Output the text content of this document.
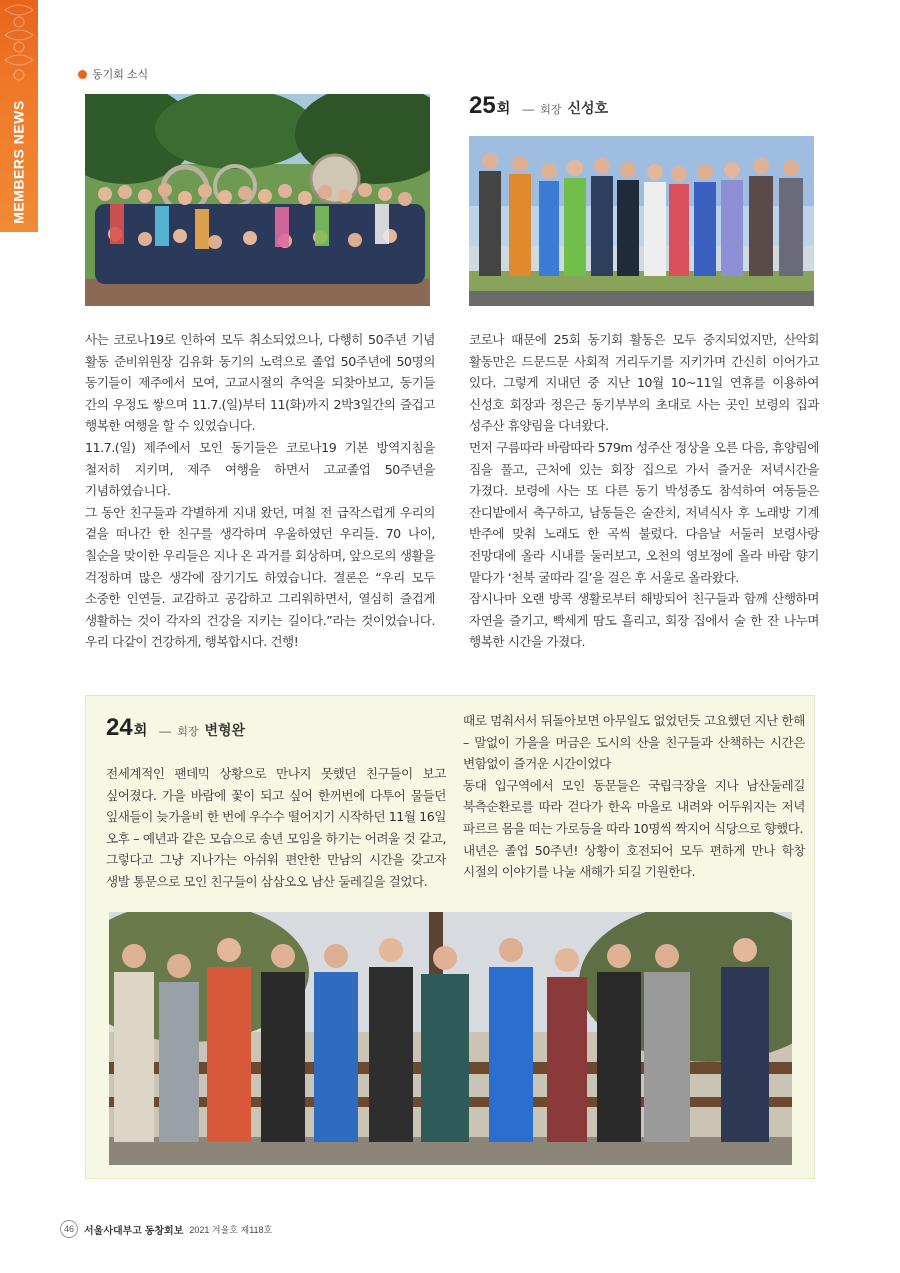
MEMBERS NEWS
동기회 소식
25 회 — 회장 신성호

사는 코로나19로 인하여 모두 취소되었으나, 다행히 50주년 기념 활동 준비위원장 김유화 동기의 노력으로 졸업 50주년에 50명의 동기들이 제주에서 모여, 고교시절의 추억을 되찾아보고, 동기들 간의 우정도 쌓으며 11.7.(일)부터 11(화)까지 2박3일간의 즐겁고 행복한 여행을 할 수 있었습니다.

11.7.(일) 제주에서 모인 동기들은 코로나19 기본 방역지침을 철저히 지키며, 제주 여행을 하면서 고교졸업 50주년을 기념하였습니다.

그 동안 친구들과 각별하게 지내 왔던, 며칠 전 급작스럽게 우리의 곁을 떠나간 한 친구를 생각하며 우울하였던 우리들. 70 나이, 칠순을 맞이한 우리들은 지나 온 과거를 회상하며, 앞으로의 생활을 걱정하며 많은 생각에 잠기기도 하였습니다. 결론은 “우리 모두 소중한 인연들. 교감하고 공감하고 그리워하면서, 열심히 즐겁게 생활하는 것이 각자의 건강을 지키는 길이다.”라는 것이었습니다. 우리 다같이 건강하게, 행복합시다. 건행!

코로나 때문에 25회 동기회 활동은 모두 중지되었지만, 산악회 활동만은 드문드문 사회적 거리두기를 지키가며 간신히 이어가고 있다. 그렇게 지내던 중 지난 10월 10~11일 연휴를 이용하여 신성호 회장과 정은근 동기부부의 초대로 사는 곳인 보령의 집과 성주산 휴양림을 다녀왔다.

먼저 구름따라 바람따라 579m 성주산 정상을 오른 다음, 휴양림에 짐을 풀고, 근처에 있는 회장 집으로 가서 즐거운 저녁시간을 가졌다. 보령에 사는 또 다른 동기 박성종도 참석하여 여동들은 잔디밭에서 축구하고, 남동들은 술잔치, 저녁식사 후 노래방 기계 반주에 맞춰 노래도 한 곡씩 불렀다. 다음날 서둘러 보령사랑 전망대에 올라 시내를 둘러보고, 오천의 영보정에 올라 바람 향기 맡다가 ‘천북 굴따라 길’을 걸은 후 서울로 올라왔다.

잠시나마 오랜 방콕 생활로부터 해방되어 친구들과 함께 산행하며 자연을 즐기고, 빡세게 땀도 흘리고, 회장 집에서 술 한 잔 나누며 행복한 시간을 가졌다.

24 회 — 회장 변형완

전세계적인 팬데믹 상황으로 만나지 못했던 친구들이 보고 싶어졌다. 가을 바람에 꽃이 되고 싶어 한꺼번에 다투어 물들던 잎새들이 늦가을비 한 번에 우수수 떨어지기 시작하던 11월 16일 오후 – 예년과 같은 모습으로 송년 모임을 하기는 어려울 것 같고, 그렇다고 그냥 지나가는 아쉬워 편안한 만남의 시간을 갖고자 생발 통문으로 모인 친구들이 삼삼오오 남산 둘레길을 걸었다.

때로 멈춰서서 뒤돌아보면 아무일도 없었던듯 고요했던 지난 한해 – 말없이 가을을 머금은 도시의 산을 친구들과 산책하는 시간은 변함없이 즐거운 시간이었다

동대 입구역에서 모인 동문들은 국립극장을 지나 남산둘레길 북측순환로를 따라 걷다가 한옥 마을로 내려와 어두워지는 저녁 파르르 몸을 떠는 가로등을 따라 10명씩 짝지어 식당으로 향했다.

내년은 졸업 50주년! 상황이 호전되어 모두 편하게 만나 학창 시절의 이야기를 나눌 새해가 되길 기원한다.

46	서울사대부고 동창회보 2021 겨울호 제118호
